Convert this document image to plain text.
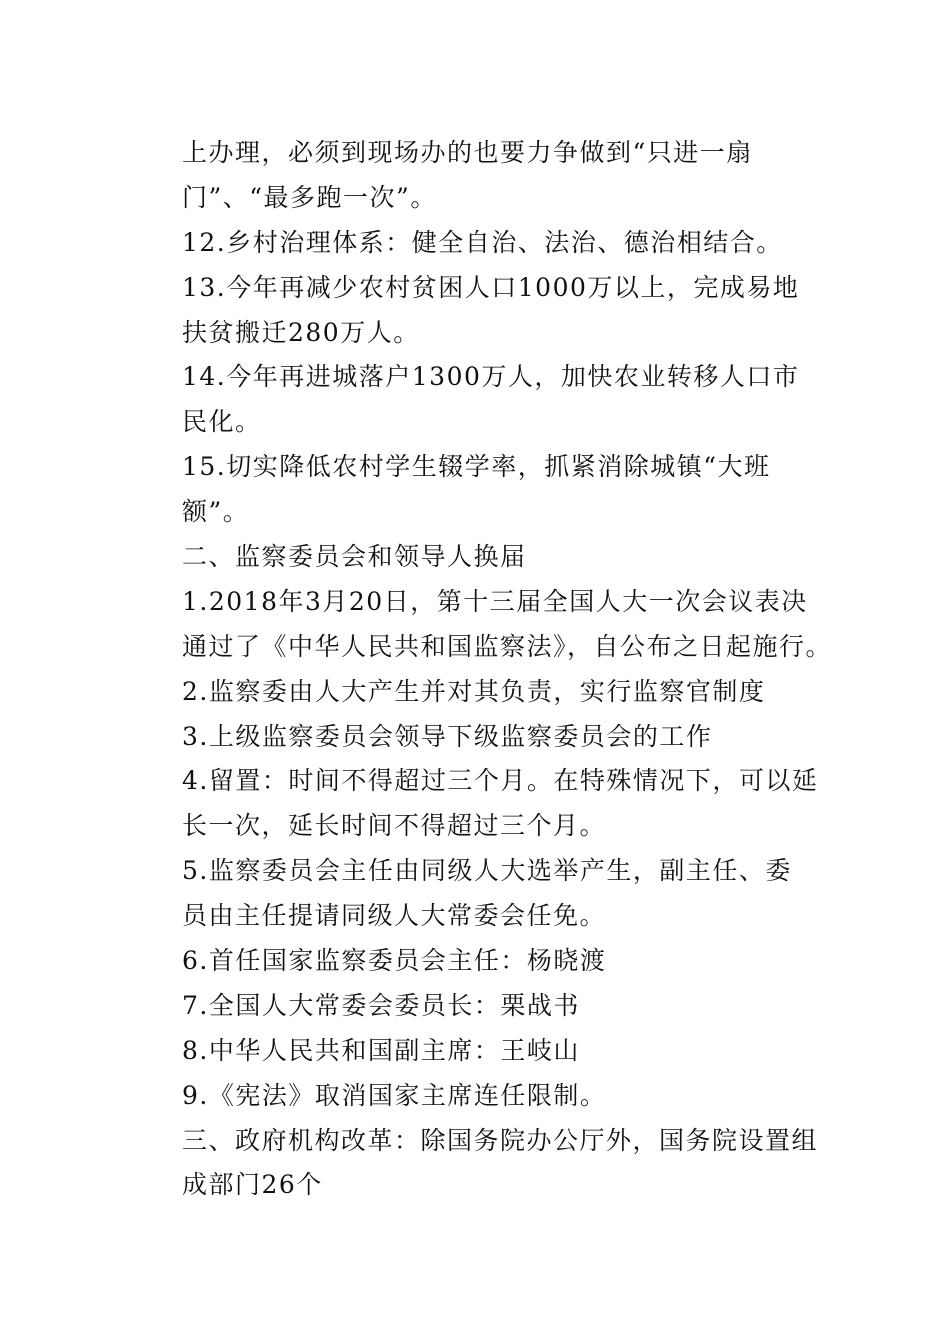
上办理，必须到现场办的也要力争做到“只进一扇
门”、“最多跑一次”。
12.乡村治理体系：健全自治、法治、德治相结合。
13.今年再减少农村贫困人口1000万以上，完成易地
扶贫搬迁280万人。
14.今年再进城落户1300万人，加快农业转移人口市
民化。
15.切实降低农村学生辍学率，抓紧消除城镇“大班
额”。
二、监察委员会和领导人换届
1.2018年3月20日，第十三届全国人大一次会议表决
通过了《中华人民共和国监察法》，自公布之日起施行。
2.监察委由人大产生并对其负责，实行监察官制度
3.上级监察委员会领导下级监察委员会的工作
4.留置：时间不得超过三个月。在特殊情况下，可以延
长一次，延长时间不得超过三个月。
5.监察委员会主任由同级人大选举产生，副主任、委
员由主任提请同级人大常委会任免。
6.首任国家监察委员会主任：杨晓渡
7.全国人大常委会委员长：栗战书
8.中华人民共和国副主席：王岐山
9.《宪法》取消国家主席连任限制。
三、政府机构改革：除国务院办公厅外，国务院设置组
成部门26个
